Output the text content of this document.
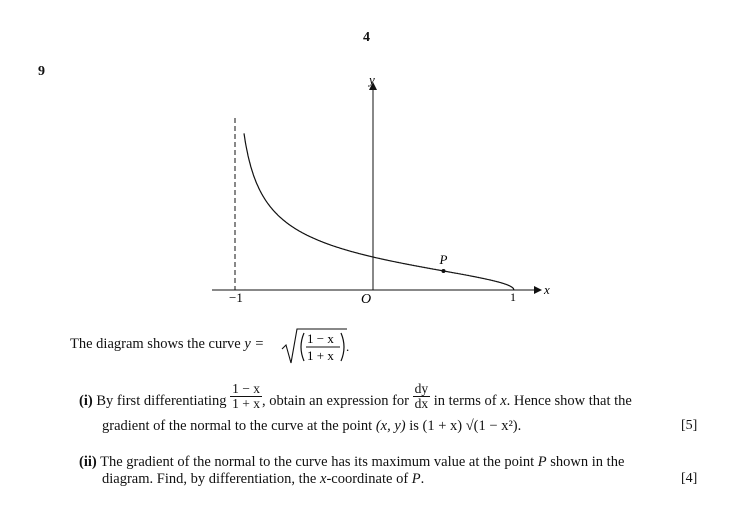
4
9
y
x
O
−1	1
P
The diagram shows the curve y =	1 − x
1 + x
.
(i) By first differentiating $\frac{1 - x}{1 + x}$ , obtain an expression for $\frac{dy}{dx}$ in terms of x. Hence show that the
gradient of the normal to the curve at the point (x, y) is (1 + x) √(1 − x²).	[5]
(ii) The gradient of the normal to the curve has its maximum value at the point P shown in the
diagram. Find, by differentiation, the x-coordinate of P.	[4]
